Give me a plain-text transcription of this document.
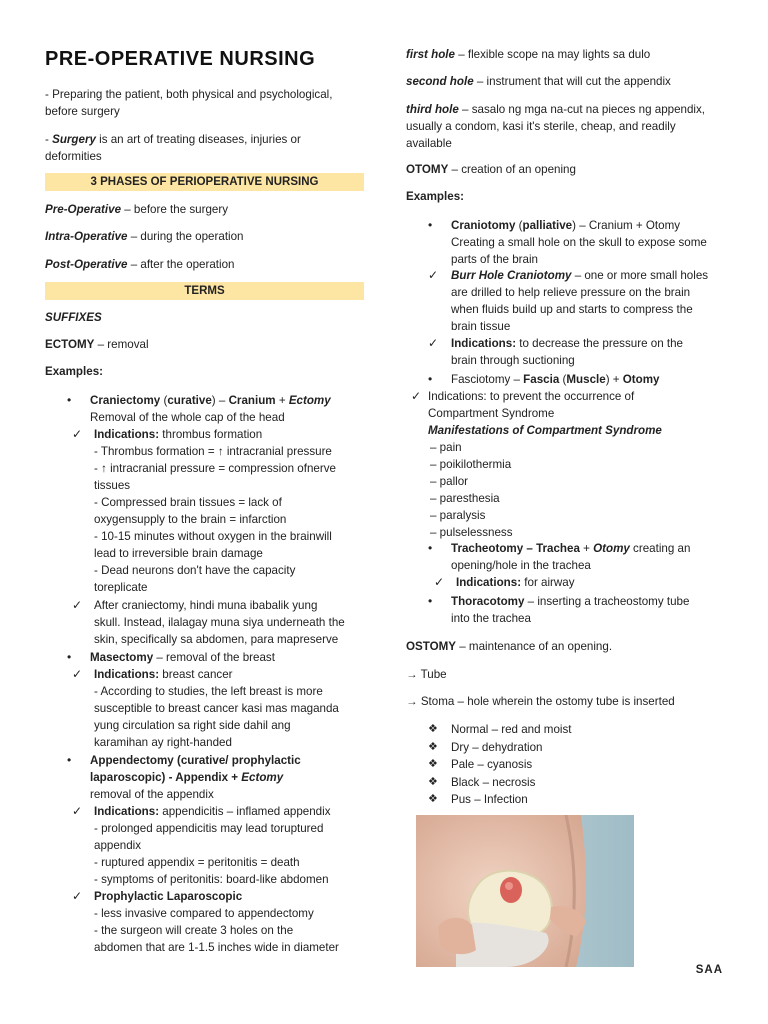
PRE-OPERATIVE NURSING
- Preparing the patient, both physical and psychological,
before surgery
- Surgery is an art of treating diseases, injuries or
deformities
3 PHASES OF PERIOPERATIVE NURSING
Pre-Operative – before the surgery
Intra-Operative – during the operation
Post-Operative – after the operation
TERMS
SUFFIXES
ECTOMY – removal
Examples:
• Craniectomy (curative) – Cranium + Ectomy
Removal of the whole cap of the head
✓ Indications: thrombus formation
- Thrombus formation = ↑ intracranial pressure
- ↑ intracranial pressure = compression ofnerve
tissues
- Compressed brain tissues = lack of
oxygensupply to the brain = infarction
- 10-15 minutes without oxygen in the brainwill
lead to irreversible brain damage
- Dead neurons don't have the capacity
toreplicate
✓ After craniectomy, hindi muna ibabalik yung
skull. Instead, ilalagay muna siya underneath the
skin, specifically sa abdomen, para mapreserve
• Masectomy – removal of the breast
✓ Indications: breast cancer
- According to studies, the left breast is more
susceptible to breast cancer kasi mas maganda
yung circulation sa right side dahil ang
karamihan ay right-handed
• Appendectomy (curative/ prophylactic
laparoscopic) - Appendix + Ectomy
removal of the appendix
✓ Indications: appendicitis – inflamed appendix
- prolonged appendicitis may lead toruptured
appendix
- ruptured appendix = peritonitis = death
- symptoms of peritonitis: board-like abdomen
✓ Prophylactic Laparoscopic
- less invasive compared to appendectomy
- the surgeon will create 3 holes on the
abdomen that are 1-1.5 inches wide in diameter
first hole – flexible scope na may lights sa dulo
second hole – instrument that will cut the appendix
third hole – sasalo ng mga na-cut na pieces ng appendix,
usually a condom, kasi it's sterile, cheap, and readily
available
OTOMY – creation of an opening
Examples:
• Craniotomy (palliative) – Cranium + Otomy
Creating a small hole on the skull to expose some
parts of the brain
✓ Burr Hole Craniotomy – one or more small holes
are drilled to help relieve pressure on the brain
when fluids build up and starts to compress the
brain tissue
✓ Indications: to decrease the pressure on the
brain through suctioning
• Fasciotomy – Fascia (Muscle) + Otomy
✓ Indications: to prevent the occurrence of
Compartment Syndrome
Manifestations of Compartment Syndrome
– pain
– poikilothermia
– pallor
– paresthesia
– paralysis
– pulselessness
• Tracheotomy – Trachea + Otomy creating an
opening/hole in the trachea
✓ Indications: for airway
• Thoracotomy – inserting a tracheostomy tube
into the trachea
OSTOMY – maintenance of an opening.
→ Tube
→ Stoma – hole wherein the ostomy tube is inserted
❖ Normal – red and moist
❖ Dry – dehydration
❖ Pale – cyanosis
❖ Black – necrosis
❖ Pus – Infection
SAA
